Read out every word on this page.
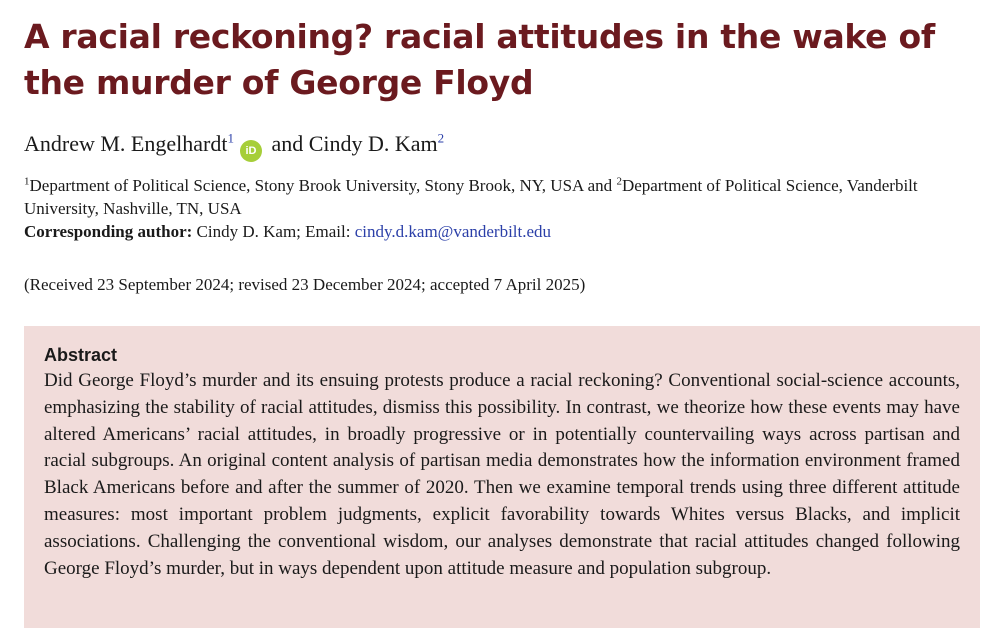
A racial reckoning? racial attitudes in the wake of the murder of George Floyd
Andrew M. Engelhardt$^1$iD and Cindy D. Kam$^2$
$^1$Department of Political Science, Stony Brook University, Stony Brook, NY, USA and $^2$Department of Political Science, Vanderbilt University, Nashville, TN, USA
Corresponding author: Cindy D. Kam; Email: cindy.d.kam@vanderbilt.edu
(Received 23 September 2024; revised 23 December 2024; accepted 7 April 2025)
Abstract

Did George Floyd’s murder and its ensuing protests produce a racial reckoning? Conventional social-science accounts, emphasizing the stability of racial attitudes, dismiss this possibility. In contrast, we theorize how these events may have altered Americans’ racial attitudes, in broadly progressive or in potentially countervailing ways across partisan and racial subgroups. An original content analysis of partisan media demonstrates how the information environment framed Black Americans before and after the summer of 2020. Then we examine temporal trends using three different attitude measures: most important problem judgments, explicit favorability towards Whites versus Blacks, and implicit associations. Challenging the conventional wisdom, our analyses demonstrate that racial attitudes changed following George Floyd’s murder, but in ways dependent upon attitude measure and population subgroup.
